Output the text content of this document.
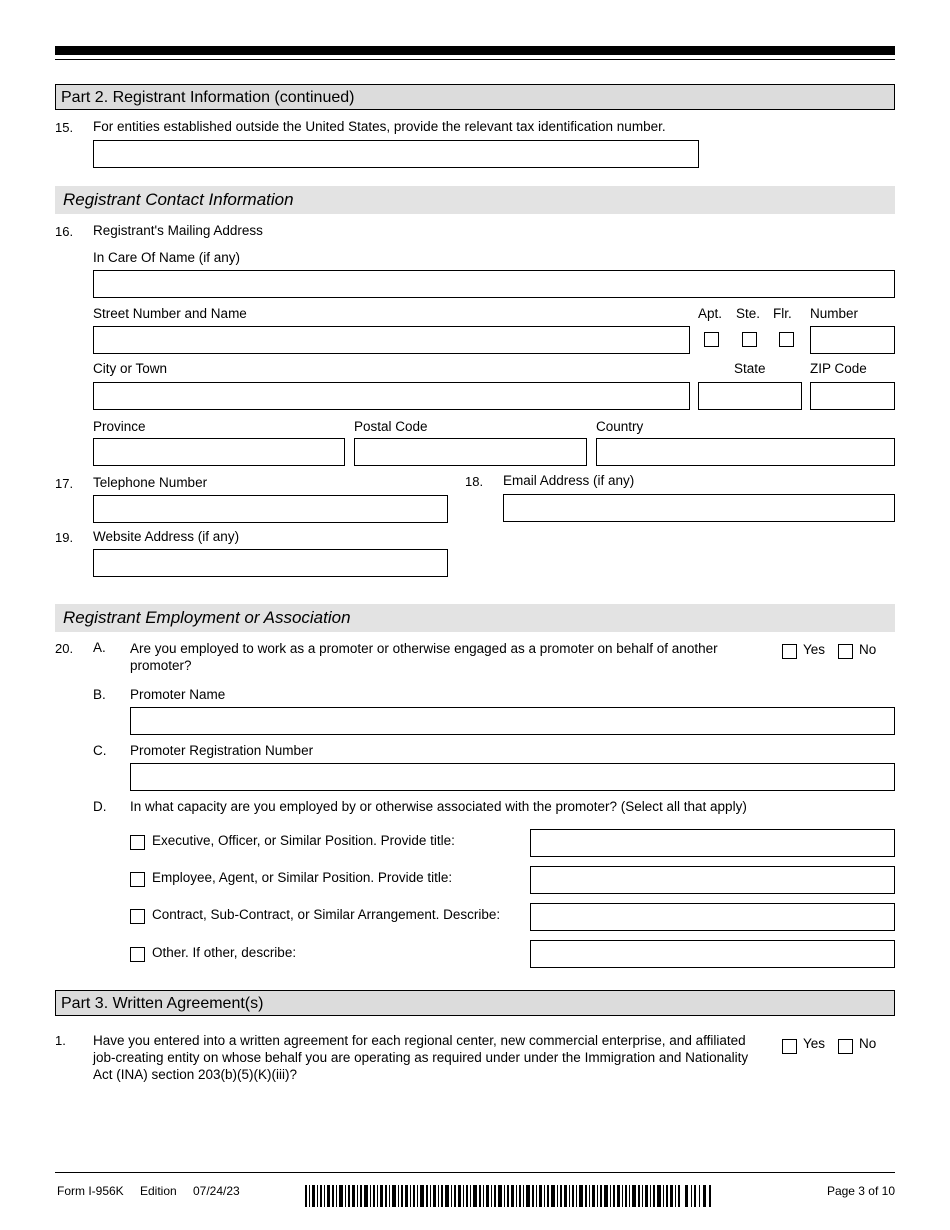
Part 2. Registrant Information (continued)
15. For entities established outside the United States, provide the relevant tax identification number.
Registrant Contact Information
16. Registrant's Mailing Address
In Care Of Name (if any)
Street Number and Name	Apt. Ste. Flr. Number
City or Town	State	ZIP Code
Province	Postal Code	Country
17. Telephone Number	18. Email Address (if any)
19. Website Address (if any)
Registrant Employment or Association
20. A. Are you employed to work as a promoter or otherwise engaged as a promoter on behalf of another promoter?
Yes	No
B. Promoter Name
C. Promoter Registration Number
D. In what capacity are you employed by or otherwise associated with the promoter? (Select all that apply)
Executive, Officer, or Similar Position. Provide title:
Employee, Agent, or Similar Position. Provide title:
Contract, Sub-Contract, or Similar Arrangement. Describe:
Other. If other, describe:
Part 3. Written Agreement(s)
1. Have you entered into a written agreement for each regional center, new commercial enterprise, and affiliated job-creating entity on whose behalf you are operating as required under under the Immigration and Nationality Act (INA) section 203(b)(5)(K)(iii)?
Yes	No
Form I-956K Edition 07/24/23	Page 3 of 10
